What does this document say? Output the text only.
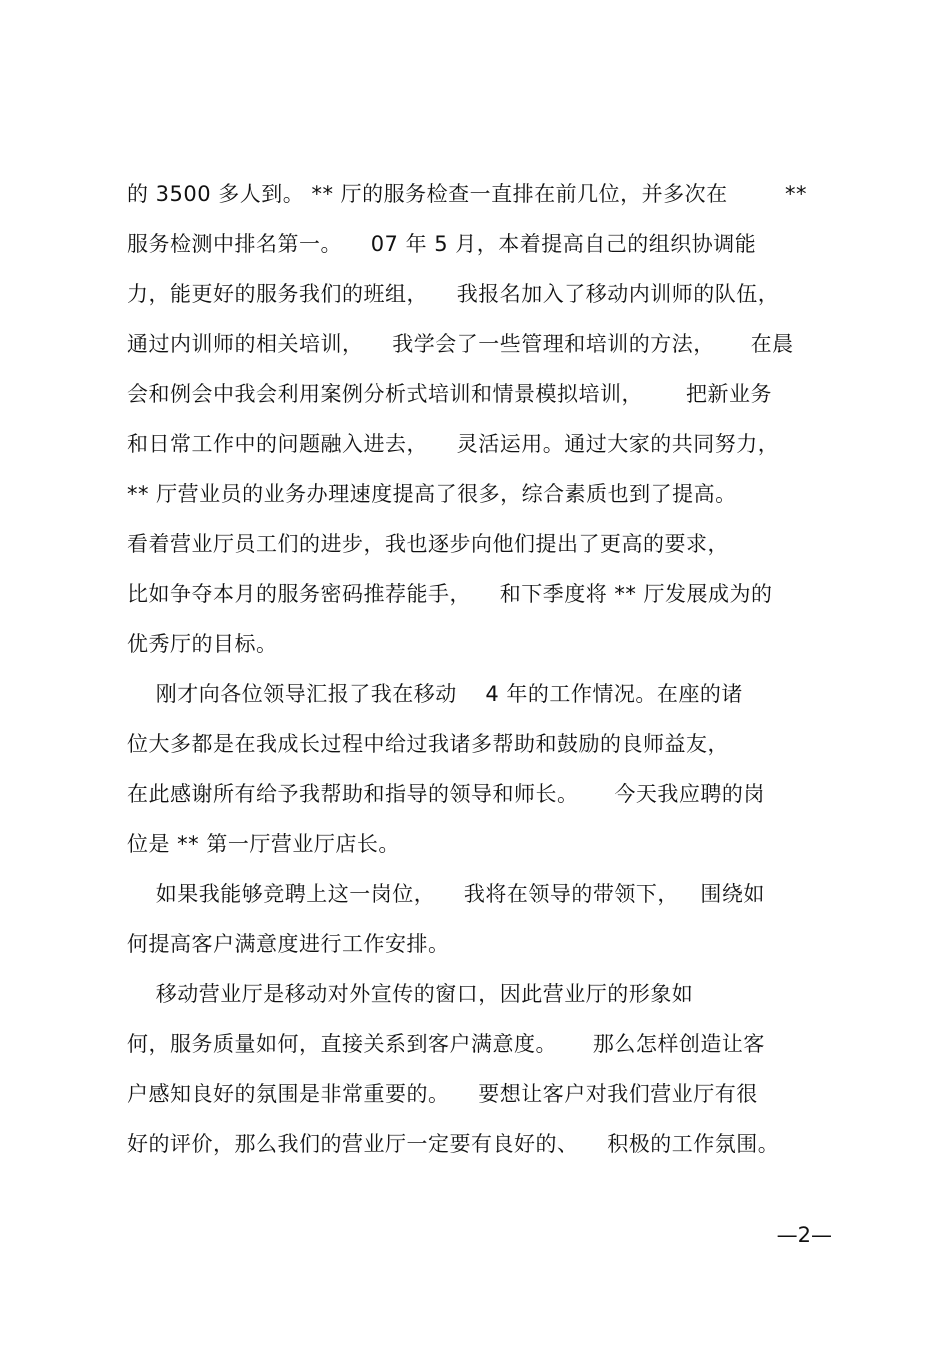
的 3500 多人到。 ** 厅的服务检查一直排在前几位，并多次在        **
服务检测中排名第一。    07 年 5 月，本着提高自己的组织协调能
力，能更好的服务我们的班组，    我报名加入了移动内训师的队伍，
通过内训师的相关培训，    我学会了一些管理和培训的方法，     在晨
会和例会中我会利用案例分析式培训和情景模拟培训，      把新业务
和日常工作中的问题融入进去，    灵活运用。通过大家的共同努力，
** 厅营业员的业务办理速度提高了很多，综合素质也到了提高。
看着营业厅员工们的进步，我也逐步向他们提出了更高的要求，
比如争夺本月的服务密码推荐能手，    和下季度将 ** 厅发展成为的
优秀厅的目标。
刚才向各位领导汇报了我在移动    4 年的工作情况。在座的诸
位大多都是在我成长过程中给过我诸多帮助和鼓励的良师益友，
在此感谢所有给予我帮助和指导的领导和师长。     今天我应聘的岗
位是 ** 第一厅营业厅店长。
如果我能够竞聘上这一岗位，    我将在领导的带领下，   围绕如
何提高客户满意度进行工作安排。
移动营业厅是移动对外宣传的窗口，因此营业厅的形象如
何，服务质量如何，直接关系到客户满意度。     那么怎样创造让客
户感知良好的氛围是非常重要的。    要想让客户对我们营业厅有很
好的评价，那么我们的营业厅一定要有良好的、    积极的工作氛围。
—2—
